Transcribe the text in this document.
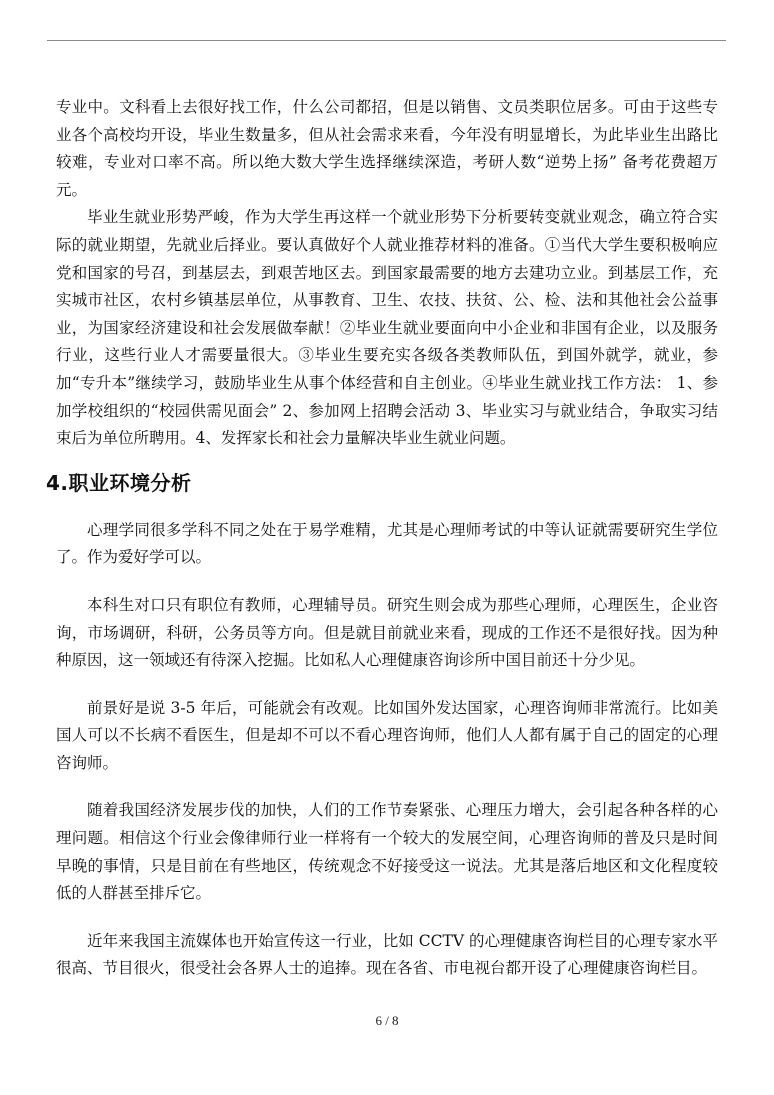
专业中。文科看上去很好找工作，什么公司都招，但是以销售、文员类职位居多。可由于这些专业各个高校均开设，毕业生数量多，但从社会需求来看，今年没有明显增长，为此毕业生出路比较难，专业对口率不高。所以绝大数大学生选择继续深造，考研人数“逆势上扬” 备考花费超万元。

毕业生就业形势严峻，作为大学生再这样一个就业形势下分析要转变就业观念，确立符合实际的就业期望，先就业后择业。要认真做好个人就业推荐材料的准备。①当代大学生要积极响应党和国家的号召，到基层去，到艰苦地区去。到国家最需要的地方去建功立业。到基层工作，充实城市社区，农村乡镇基层单位，从事教育、卫生、农技、扶贫、公、检、法和其他社会公益事业，为国家经济建设和社会发展做奉献！②毕业生就业要面向中小企业和非国有企业，以及服务行业，这些行业人才需要量很大。③毕业生要充实各级各类教师队伍，到国外就学，就业，参加“专升本”继续学习，鼓励毕业生从事个体经营和自主创业。④毕业生就业找工作方法： 1、参加学校组织的“校园供需见面会” 2、参加网上招聘会活动 3、毕业实习与就业结合，争取实习结束后为单位所聘用。4、发挥家长和社会力量解决毕业生就业问题。

4.职业环境分析

心理学同很多学科不同之处在于易学难精，尤其是心理师考试的中等认证就需要研究生学位了。作为爱好学可以。

本科生对口只有职位有教师，心理辅导员。研究生则会成为那些心理师，心理医生，企业咨询，市场调研，科研，公务员等方向。但是就目前就业来看，现成的工作还不是很好找。因为种种原因，这一领域还有待深入挖掘。比如私人心理健康咨询诊所中国目前还十分少见。

前景好是说 3-5 年后，可能就会有改观。比如国外发达国家，心理咨询师非常流行。比如美国人可以不长病不看医生，但是却不可以不看心理咨询师，他们人人都有属于自己的固定的心理咨询师。

随着我国经济发展步伐的加快，人们的工作节奏紧张、心理压力增大，会引起各种各样的心理问题。相信这个行业会像律师行业一样将有一个较大的发展空间，心理咨询师的普及只是时间早晚的事情，只是目前在有些地区，传统观念不好接受这一说法。尤其是落后地区和文化程度较低的人群甚至排斥它。

近年来我国主流媒体也开始宣传这一行业，比如 CCTV 的心理健康咨询栏目的心理专家水平很高、节目很火，很受社会各界人士的追捧。现在各省、市电视台都开设了心理健康咨询栏目。

6 / 8
